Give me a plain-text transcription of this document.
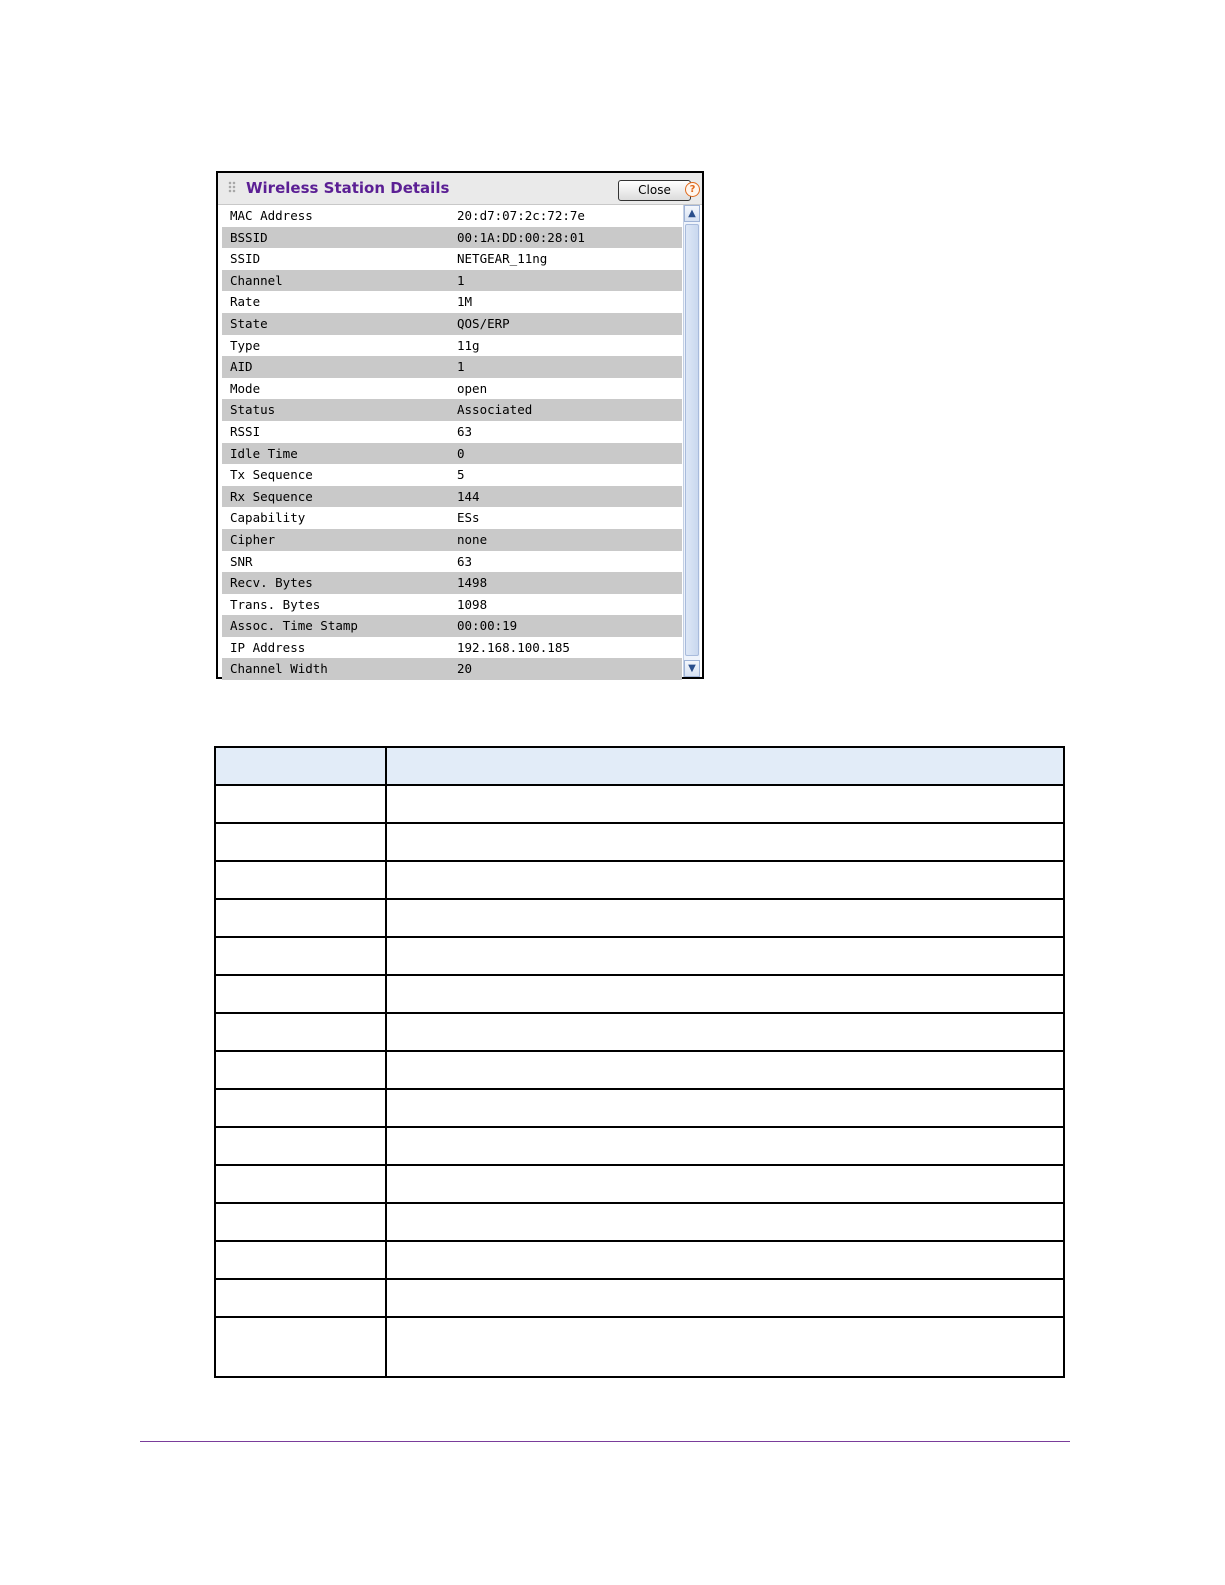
Wireless Station Details	Close	?
MAC Address	20:d7:07:2c:72:7e
BSSID	00:1A:DD:00:28:01
SSID	NETGEAR_11ng
Channel	1
Rate	1M
State	QOS/ERP
Type	11g
AID	1
Mode	open
Status	Associated
RSSI	63
Idle Time	0
Tx Sequence	5
Rx Sequence	144
Capability	ESs
Cipher	none
SNR	63
Recv. Bytes	1498
Trans. Bytes	1098
Assoc. Time Stamp	00:00:19
IP Address	192.168.100.185
Channel Width	20
▲
▼
